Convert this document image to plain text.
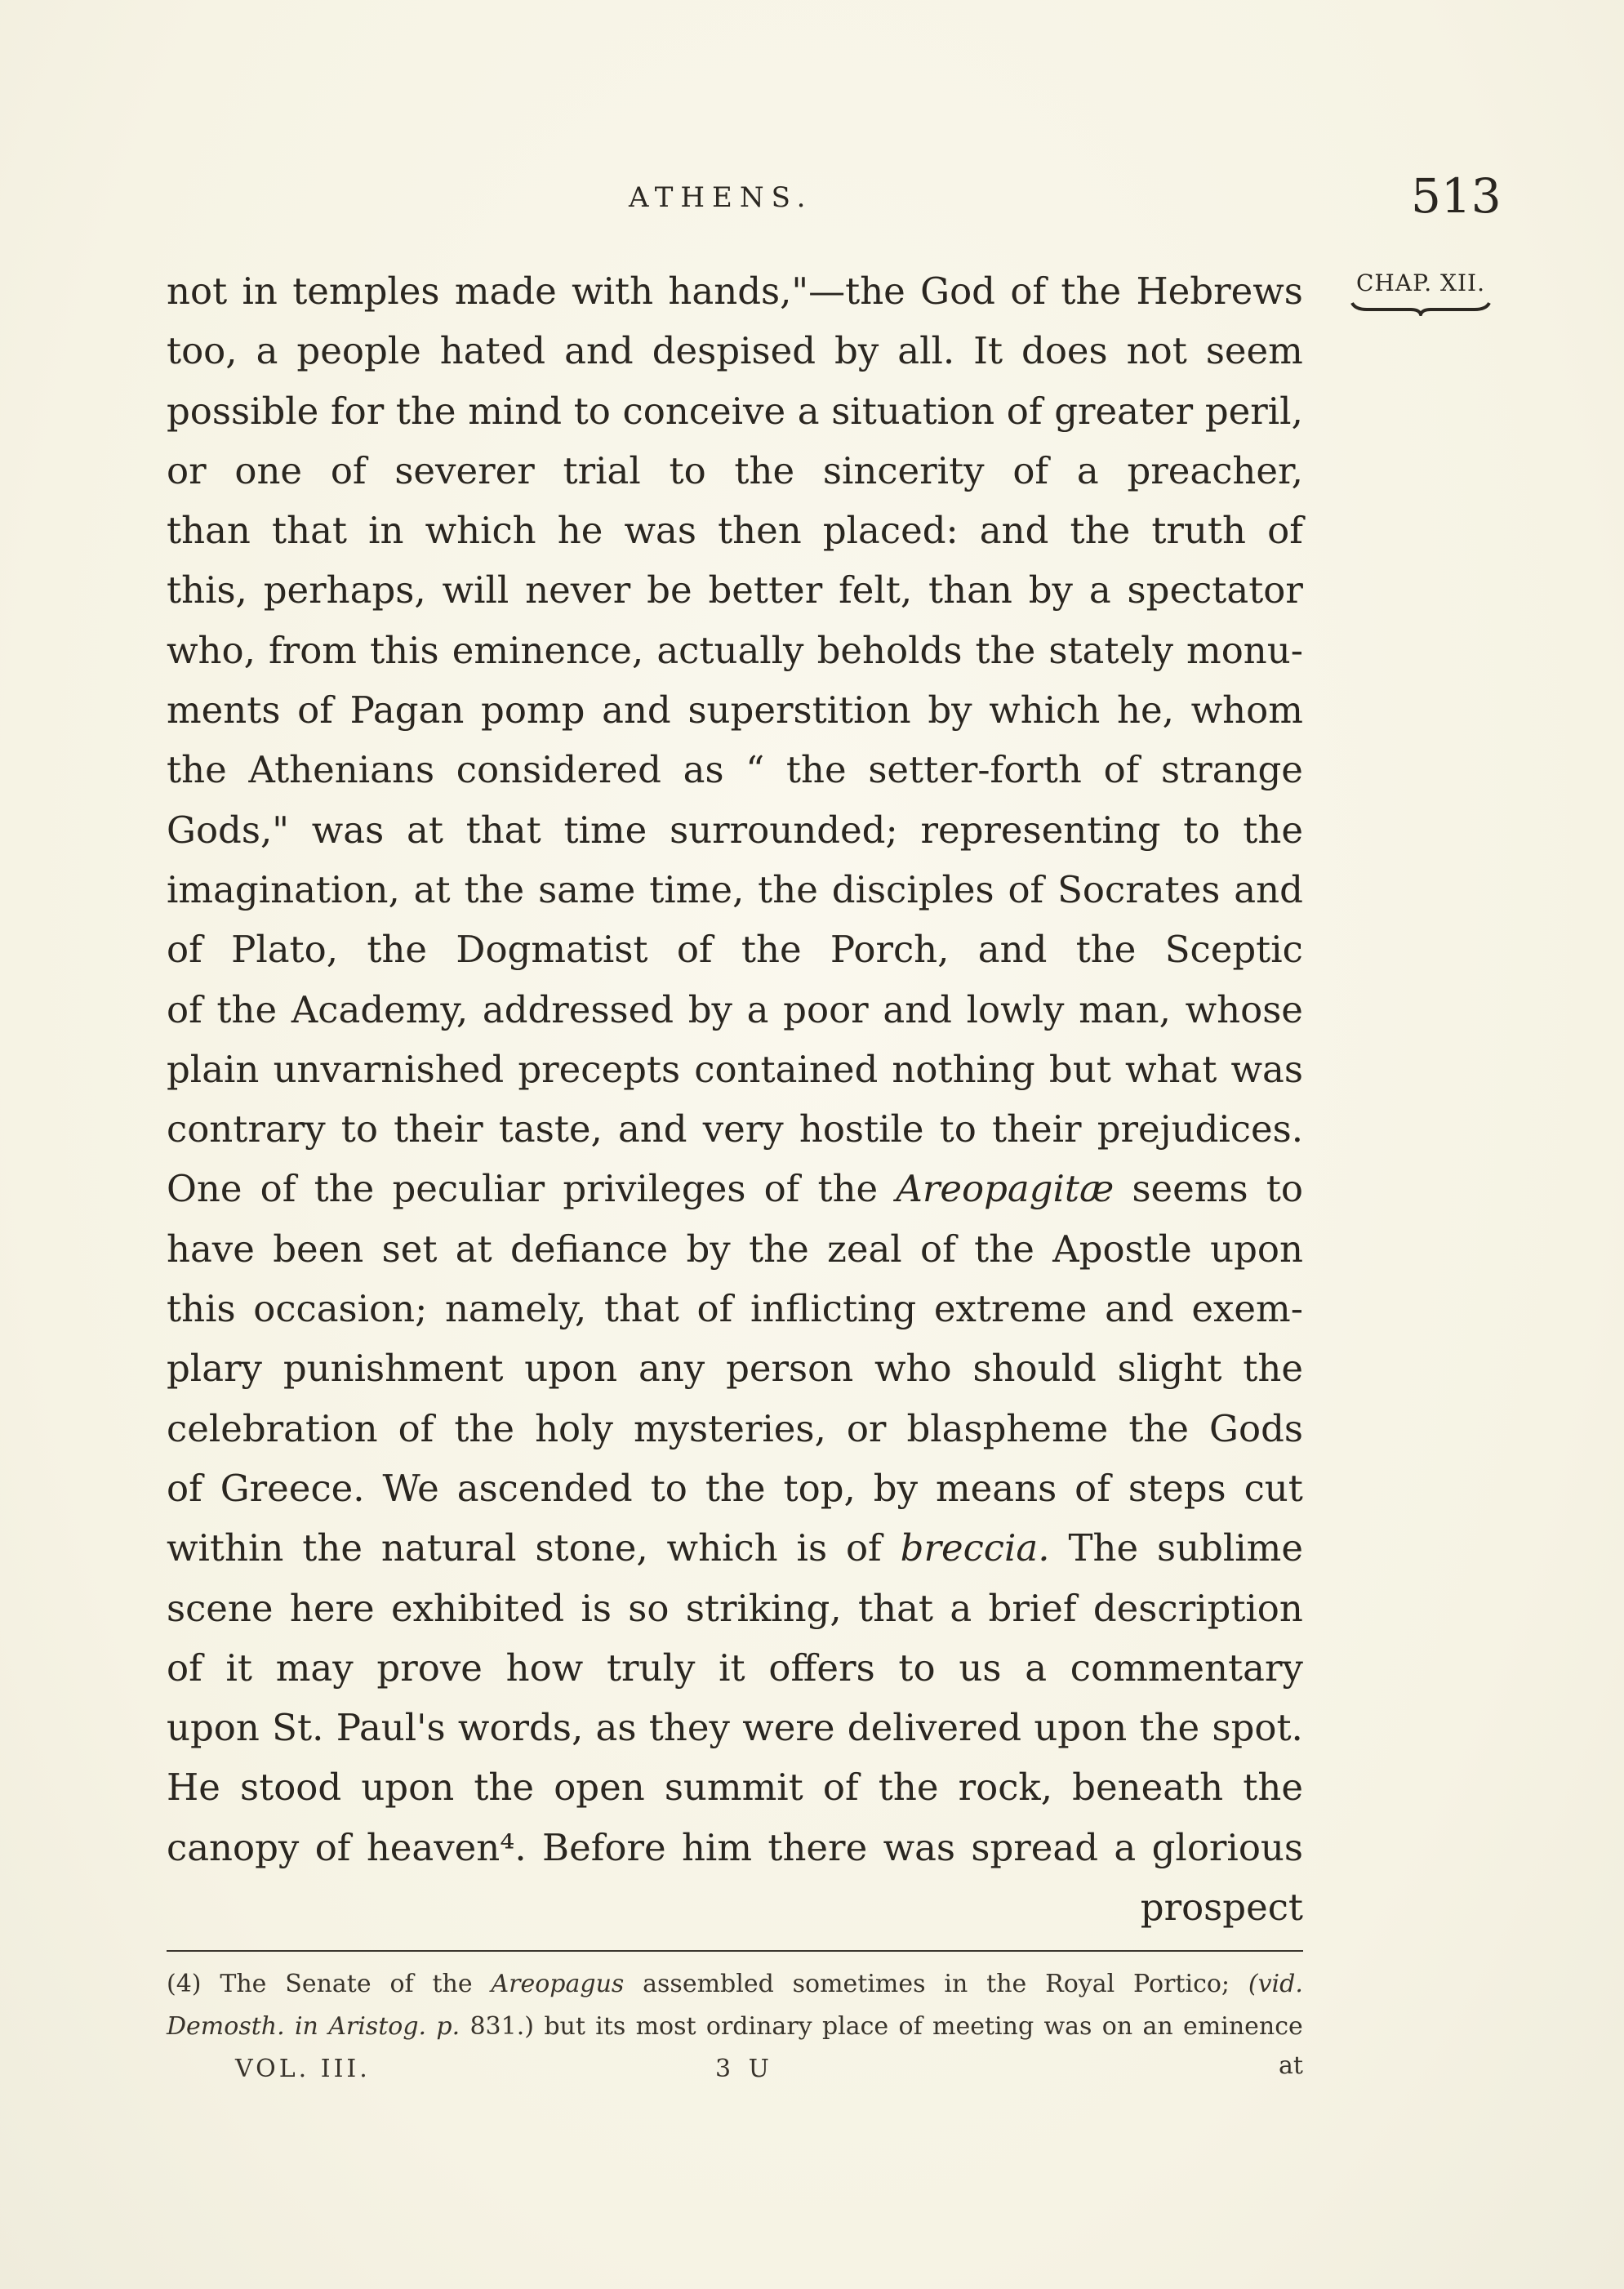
ATHENS.	513
CHAP. XII.
not in temples made with hands,"—the God of the Hebrews
too, a people hated and despised by all. It does not seem
possible for the mind to conceive a situation of greater peril,
or one of severer trial to the sincerity of a preacher,
than that in which he was then placed: and the truth of
this, perhaps, will never be better felt, than by a spectator
who, from this eminence, actually beholds the stately monu-
ments of Pagan pomp and superstition by which he, whom
the Athenians considered as “ the setter-forth of strange
Gods," was at that time surrounded; representing to the
imagination, at the same time, the disciples of Socrates and
of Plato, the Dogmatist of the Porch, and the Sceptic
of the Academy, addressed by a poor and lowly man, whose
plain unvarnished precepts contained nothing but what was
contrary to their taste, and very hostile to their prejudices.
One of the peculiar privileges of the Areopagitæ seems to
have been set at defiance by the zeal of the Apostle upon
this occasion; namely, that of inflicting extreme and exem-
plary punishment upon any person who should slight the
celebration of the holy mysteries, or blaspheme the Gods
of Greece. We ascended to the top, by means of steps cut
within the natural stone, which is of breccia. The sublime
scene here exhibited is so striking, that a brief description
of it may prove how truly it offers to us a commentary
upon St. Paul's words, as they were delivered upon the spot.
He stood upon the open summit of the rock, beneath the
canopy of heaven⁴. Before him there was spread a glorious
prospect
(4) The Senate of the Areopagus assembled sometimes in the Royal Portico; (vid.
Demosth. in Aristog. p. 831.) but its most ordinary place of meeting was on an eminence
VOL. III.	3 U	at
